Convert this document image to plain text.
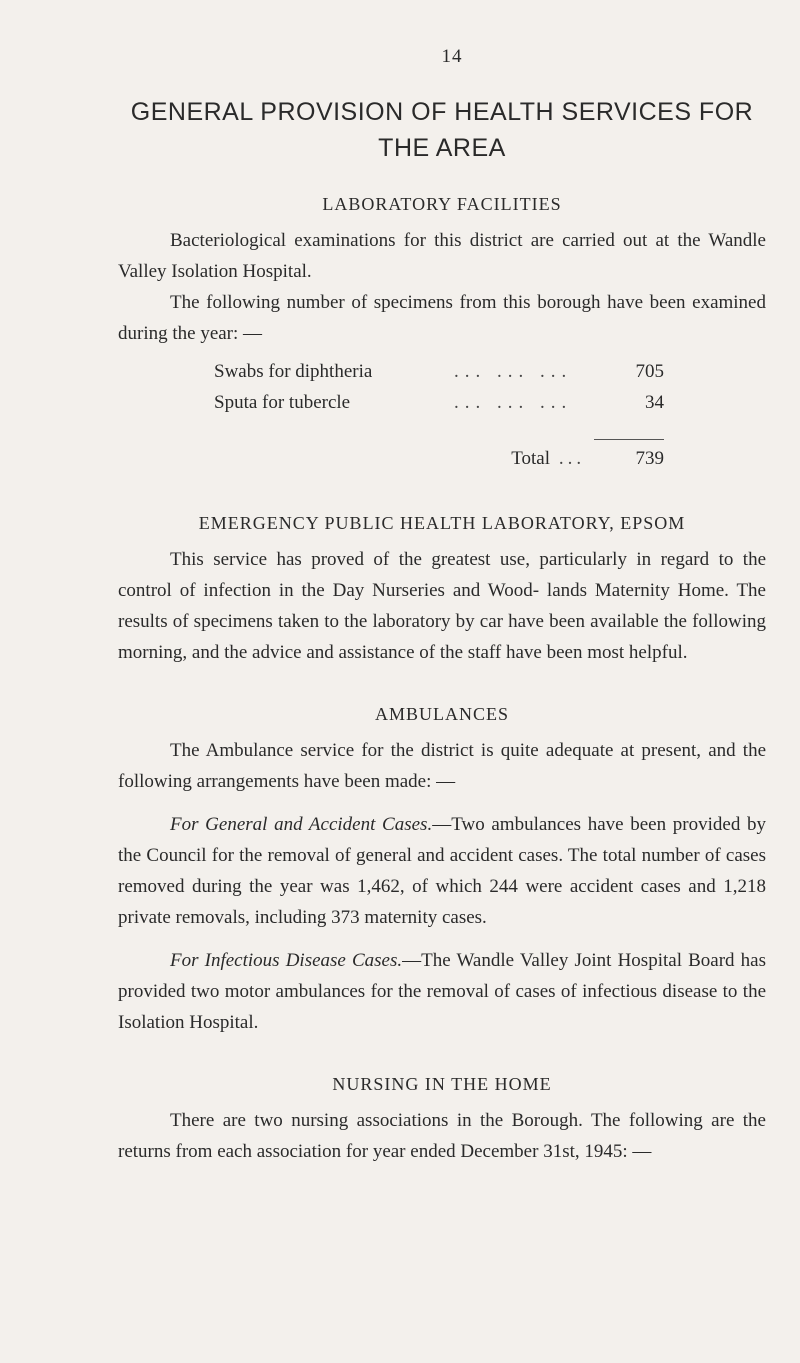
14
GENERAL PROVISION OF HEALTH SERVICES FOR THE AREA
LABORATORY FACILITIES

Bacteriological examinations for this district are carried out at the Wandle Valley Isolation Hospital.

The following number of specimens from this borough have been examined during the year: —

Swabs for diphtheria	... ... ...	705
Sputa for tubercle	... ... ...	34
Total ...	739
EMERGENCY PUBLIC HEALTH LABORATORY, EPSOM

This service has proved of the greatest use, particularly in regard to the control of infection in the Day Nurseries and Wood- lands Maternity Home. The results of specimens taken to the laboratory by car have been available the following morning, and the advice and assistance of the staff have been most helpful.

AMBULANCES

The Ambulance service for the district is quite adequate at present, and the following arrangements have been made: —

For General and Accident Cases.—Two ambulances have been provided by the Council for the removal of general and accident cases. The total number of cases removed during the year was 1,462, of which 244 were accident cases and 1,218 private removals, including 373 maternity cases.

For Infectious Disease Cases.—The Wandle Valley Joint Hospital Board has provided two motor ambulances for the removal of cases of infectious disease to the Isolation Hospital.

NURSING IN THE HOME

There are two nursing associations in the Borough. The following are the returns from each association for year ended December 31st, 1945: —
